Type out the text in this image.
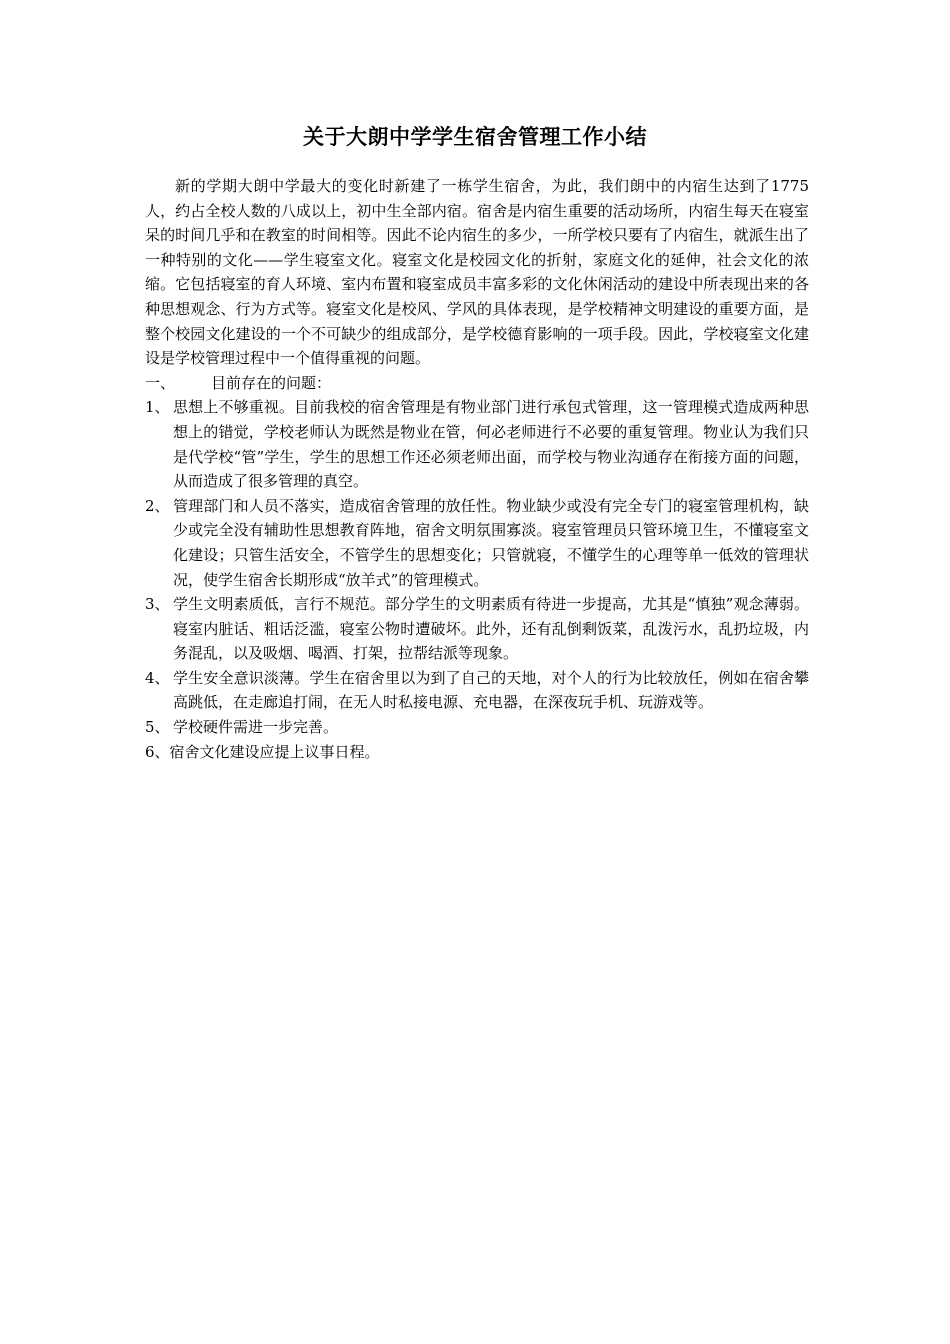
关于大朗中学学生宿舍管理工作小结

新的学期大朗中学最大的变化时新建了一栋学生宿舍，为此，我们朗中的内宿生达到了1775人，约占全校人数的八成以上，初中生全部内宿。宿舍是内宿生重要的活动场所，内宿生每天在寝室呆的时间几乎和在教室的时间相等。因此不论内宿生的多少，一所学校只要有了内宿生，就派生出了一种特别的文化——学生寝室文化。寝室文化是校园文化的折射，家庭文化的延伸，社会文化的浓缩。它包括寝室的育人环境、室内布置和寝室成员丰富多彩的文化休闲活动的建设中所表现出来的各种思想观念、行为方式等。寝室文化是校风、学风的具体表现，是学校精神文明建设的重要方面，是整个校园文化建设的一个不可缺少的组成部分，是学校德育影响的一项手段。因此，学校寝室文化建设是学校管理过程中一个值得重视的问题。

一、	目前存在的问题：
1、 思想上不够重视。目前我校的宿舍管理是有物业部门进行承包式管理，这一管理模式造成两种思想上的错觉，学校老师认为既然是物业在管，何必老师进行不必要的重复管理。物业认为我们只是代学校“管”学生，学生的思想工作还必须老师出面，而学校与物业沟通存在衔接方面的问题，从而造成了很多管理的真空。
2、 管理部门和人员不落实，造成宿舍管理的放任性。物业缺少或没有完全专门的寝室管理机构，缺少或完全没有辅助性思想教育阵地，宿舍文明氛围寡淡。寝室管理员只管环境卫生，不懂寝室文化建设；只管生活安全，不管学生的思想变化；只管就寝，不懂学生的心理等单一低效的管理状况，使学生宿舍长期形成“放羊式”的管理模式。
3、 学生文明素质低，言行不规范。部分学生的文明素质有待进一步提高，尤其是“慎独”观念薄弱。寝室内脏话、粗话泛滥，寝室公物时遭破坏。此外，还有乱倒剩饭菜，乱泼污水，乱扔垃圾，内务混乱，以及吸烟、喝酒、打架，拉帮结派等现象。
4、 学生安全意识淡薄。学生在宿舍里以为到了自己的天地，对个人的行为比较放任，例如在宿舍攀高跳低，在走廊追打闹，在无人时私接电源、充电器，在深夜玩手机、玩游戏等。
5、 学校硬件需进一步完善。

6、宿舍文化建设应提上议事日程。
